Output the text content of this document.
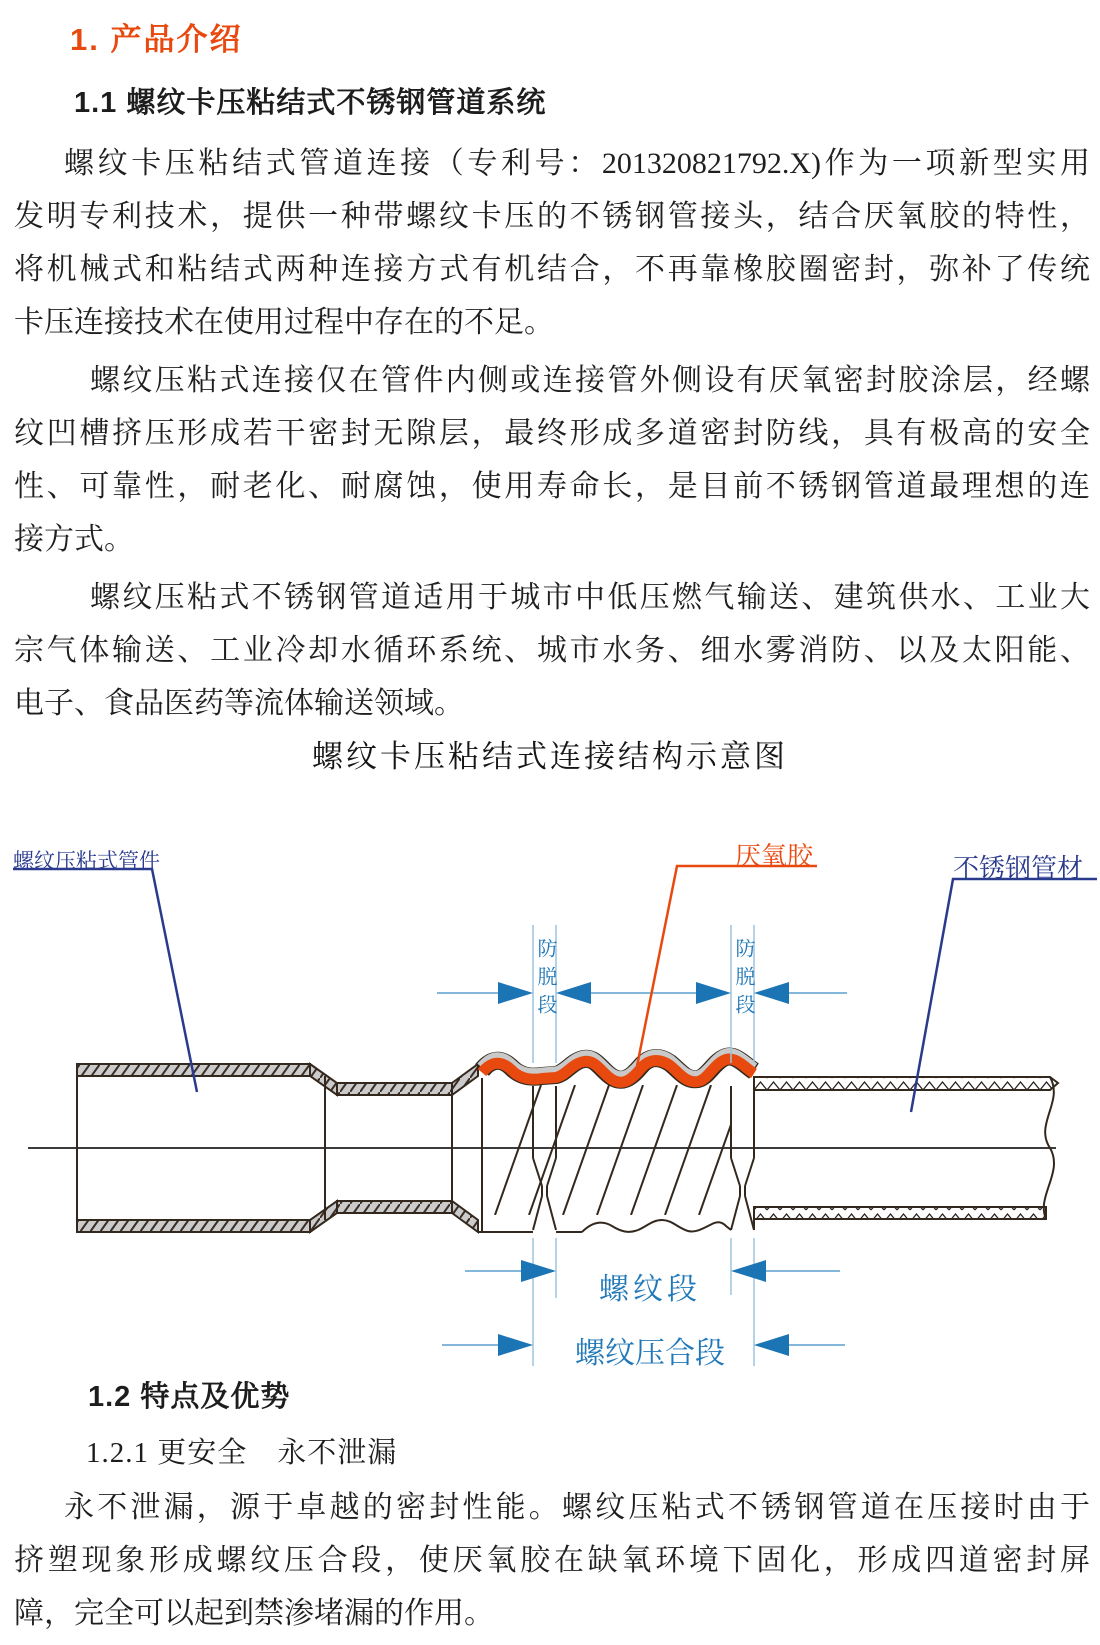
1. 产品介绍
1.1 螺纹卡压粘结式不锈钢管道系统
螺纹卡压粘结式管道连接（专利号：201320821792.X)作为一项新型实用
发明专利技术，提供一种带螺纹卡压的不锈钢管接头，结合厌氧胶的特性，
将机械式和粘结式两种连接方式有机结合，不再靠橡胶圈密封，弥补了传统
卡压连接技术在使用过程中存在的不足。
螺纹压粘式连接仅在管件内侧或连接管外侧设有厌氧密封胶涂层，经螺
纹凹槽挤压形成若干密封无隙层，最终形成多道密封防线，具有极高的安全
性、可靠性，耐老化、耐腐蚀，使用寿命长，是目前不锈钢管道最理想的连
接方式。
螺纹压粘式不锈钢管道适用于城市中低压燃气输送、建筑供水、工业大
宗气体输送、工业冷却水循环系统、城市水务、细水雾消防、以及太阳能、
电子、食品医药等流体输送领域。
螺纹卡压粘结式连接结构示意图
螺纹压粘式管件	厌氧胶	不锈钢管材
防脱段	防脱段
螺纹段
螺纹压合段
1.2 特点及优势
1.2.1 更安全　永不泄漏
永不泄漏，源于卓越的密封性能。螺纹压粘式不锈钢管道在压接时由于
挤塑现象形成螺纹压合段，使厌氧胶在缺氧环境下固化，形成四道密封屏
障，完全可以起到禁渗堵漏的作用。
